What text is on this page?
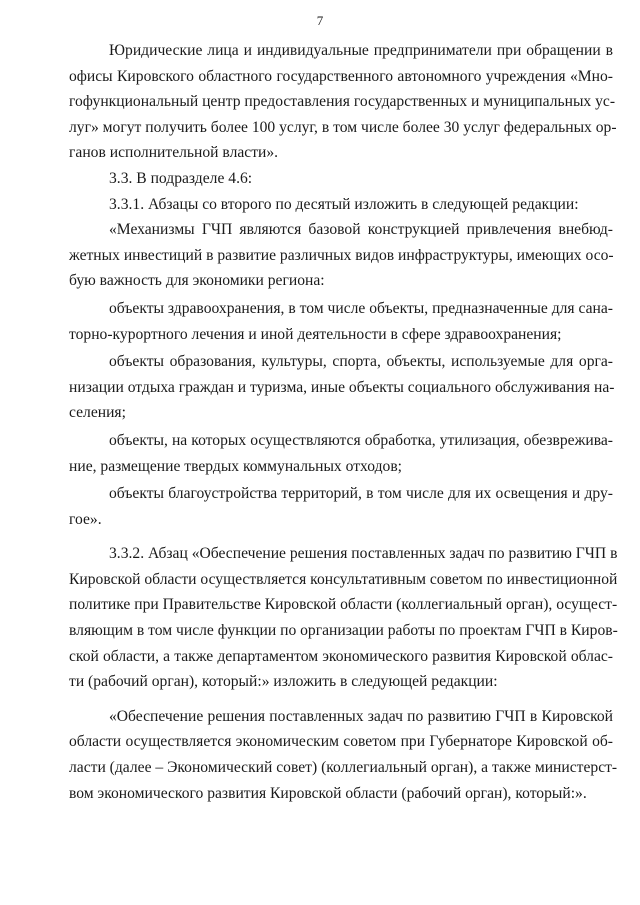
7
Юридические лица и индивидуальные предприниматели при обращении в
офисы Кировского областного государственного автономного учреждения «Мно-
гофункциональный центр предоставления государственных и муниципальных ус-
луг» могут получить более 100 услуг, в том числе более 30 услуг федеральных ор-
ганов исполнительной власти».
3.3. В подразделе 4.6:
3.3.1. Абзацы со второго по десятый изложить в следующей редакции:
«Механизмы ГЧП являются базовой конструкцией привлечения внебюд-
жетных инвестиций в развитие различных видов инфраструктуры, имеющих осо-
бую важность для экономики региона:
объекты здравоохранения, в том числе объекты, предназначенные для сана-
торно-курортного лечения и иной деятельности в сфере здравоохранения;
объекты образования, культуры, спорта, объекты, используемые для орга-
низации отдыха граждан и туризма, иные объекты социального обслуживания на-
селения;
объекты, на которых осуществляются обработка, утилизация, обезврежива-
ние, размещение твердых коммунальных отходов;
объекты благоустройства территорий, в том числе для их освещения и дру-
гое».
3.3.2. Абзац «Обеспечение решения поставленных задач по развитию ГЧП в
Кировской области осуществляется консультативным советом по инвестиционной
политике при Правительстве Кировской области (коллегиальный орган), осущест-
вляющим в том числе функции по организации работы по проектам ГЧП в Киров-
ской области, а также департаментом экономического развития Кировской облас-
ти (рабочий орган), который:» изложить в следующей редакции:
«Обеспечение решения поставленных задач по развитию ГЧП в Кировской
области осуществляется экономическим советом при Губернаторе Кировской об-
ласти (далее – Экономический совет) (коллегиальный орган), а также министерст-
вом экономического развития Кировской области (рабочий орган), который:».
